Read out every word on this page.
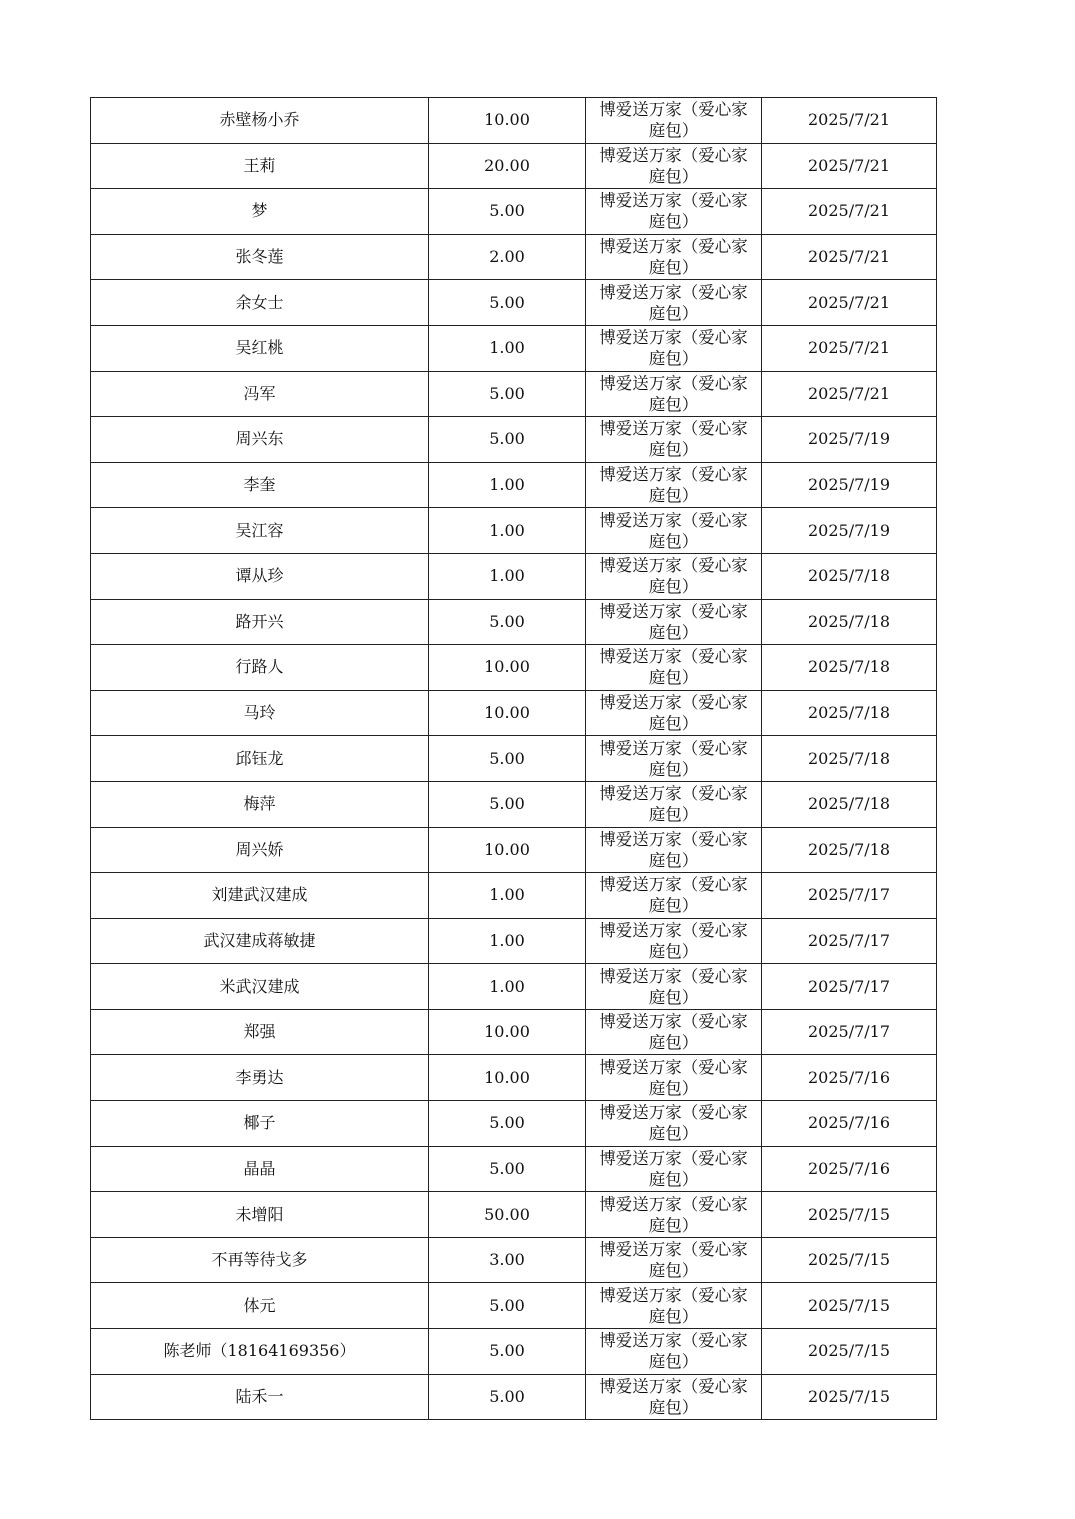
赤壁杨小乔	10.00	博爱送万家（爱心家
庭包）	2025/7/21
王莉	20.00	博爱送万家（爱心家
庭包）	2025/7/21
梦	5.00	博爱送万家（爱心家
庭包）	2025/7/21
张冬莲	2.00	博爱送万家（爱心家
庭包）	2025/7/21
余女士	5.00	博爱送万家（爱心家
庭包）	2025/7/21
吴红桃	1.00	博爱送万家（爱心家
庭包）	2025/7/21
冯军	5.00	博爱送万家（爱心家
庭包）	2025/7/21
周兴东	5.00	博爱送万家（爱心家
庭包）	2025/7/19
李奎	1.00	博爱送万家（爱心家
庭包）	2025/7/19
吴江容	1.00	博爱送万家（爱心家
庭包）	2025/7/19
谭从珍	1.00	博爱送万家（爱心家
庭包）	2025/7/18
路开兴	5.00	博爱送万家（爱心家
庭包）	2025/7/18
行路人	10.00	博爱送万家（爱心家
庭包）	2025/7/18
马玲	10.00	博爱送万家（爱心家
庭包）	2025/7/18
邱钰龙	5.00	博爱送万家（爱心家
庭包）	2025/7/18
梅萍	5.00	博爱送万家（爱心家
庭包）	2025/7/18
周兴娇	10.00	博爱送万家（爱心家
庭包）	2025/7/18
刘建武汉建成	1.00	博爱送万家（爱心家
庭包）	2025/7/17
武汉建成蒋敏捷	1.00	博爱送万家（爱心家
庭包）	2025/7/17
米武汉建成	1.00	博爱送万家（爱心家
庭包）	2025/7/17
郑强	10.00	博爱送万家（爱心家
庭包）	2025/7/17
李勇达	10.00	博爱送万家（爱心家
庭包）	2025/7/16
椰子	5.00	博爱送万家（爱心家
庭包）	2025/7/16
晶晶	5.00	博爱送万家（爱心家
庭包）	2025/7/16
未增阳	50.00	博爱送万家（爱心家
庭包）	2025/7/15
不再等待戈多	3.00	博爱送万家（爱心家
庭包）	2025/7/15
体元	5.00	博爱送万家（爱心家
庭包）	2025/7/15
陈老师（18164169356）	5.00	博爱送万家（爱心家
庭包）	2025/7/15
陆禾一	5.00	博爱送万家（爱心家
庭包）	2025/7/15
